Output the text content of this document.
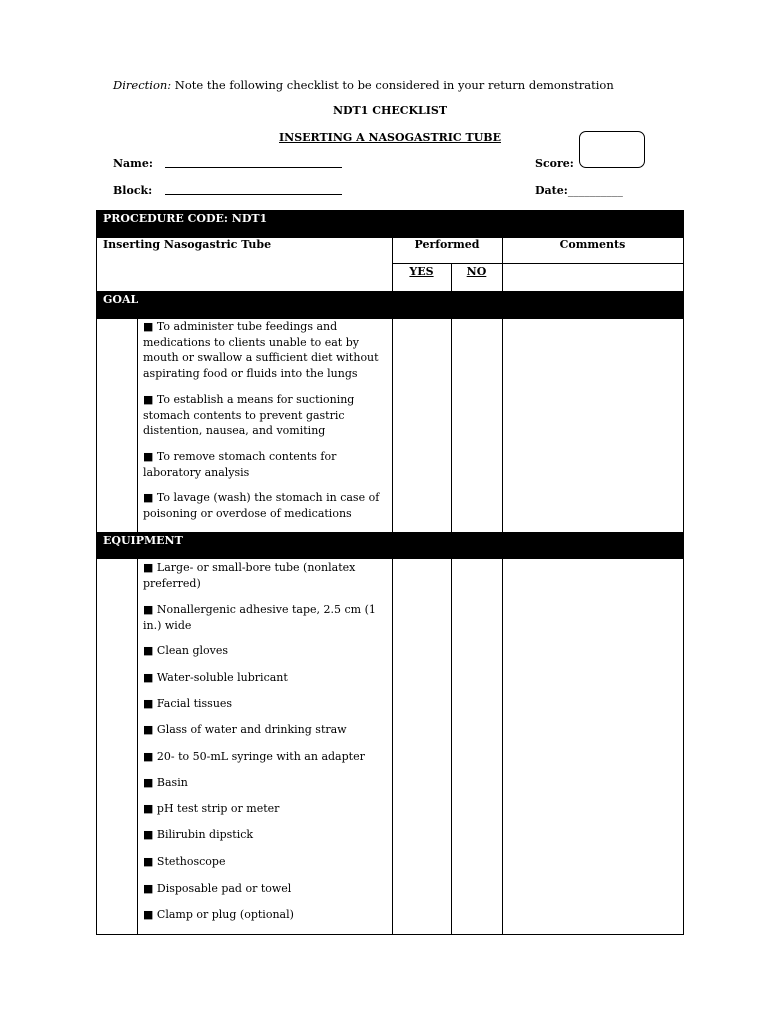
Direction: Note the following checklist to be considered in your return demonstration
NDT1 CHECKLIST
INSERTING A NASOGASTRIC TUBE
Name:
Block:
Score:
Date:__________
PROCEDURE CODE: NDT1
GOAL
EQUIPMENT
Inserting Nasogastric Tube	Performed	Comments
YES	NO
■ To administer tube feedings and medications to clients unable to eat by mouth or swallow a sufficient diet without aspirating food or fluids into the lungs
■ To establish a means for suctioning stomach contents to prevent gastric distention, nausea, and vomiting
■ To remove stomach contents for laboratory analysis
■ To lavage (wash) the stomach in case of poisoning or overdose of medications
■ Large- or small-bore tube (nonlatex preferred)
■ Nonallergenic adhesive tape, 2.5 cm (1 in.) wide
■ Clean gloves
■ Water-soluble lubricant
■ Facial tissues
■ Glass of water and drinking straw
■ 20- to 50-mL syringe with an adapter
■ Basin
■ pH test strip or meter
■ Bilirubin dipstick
■ Stethoscope
■ Disposable pad or towel
■ Clamp or plug (optional)
